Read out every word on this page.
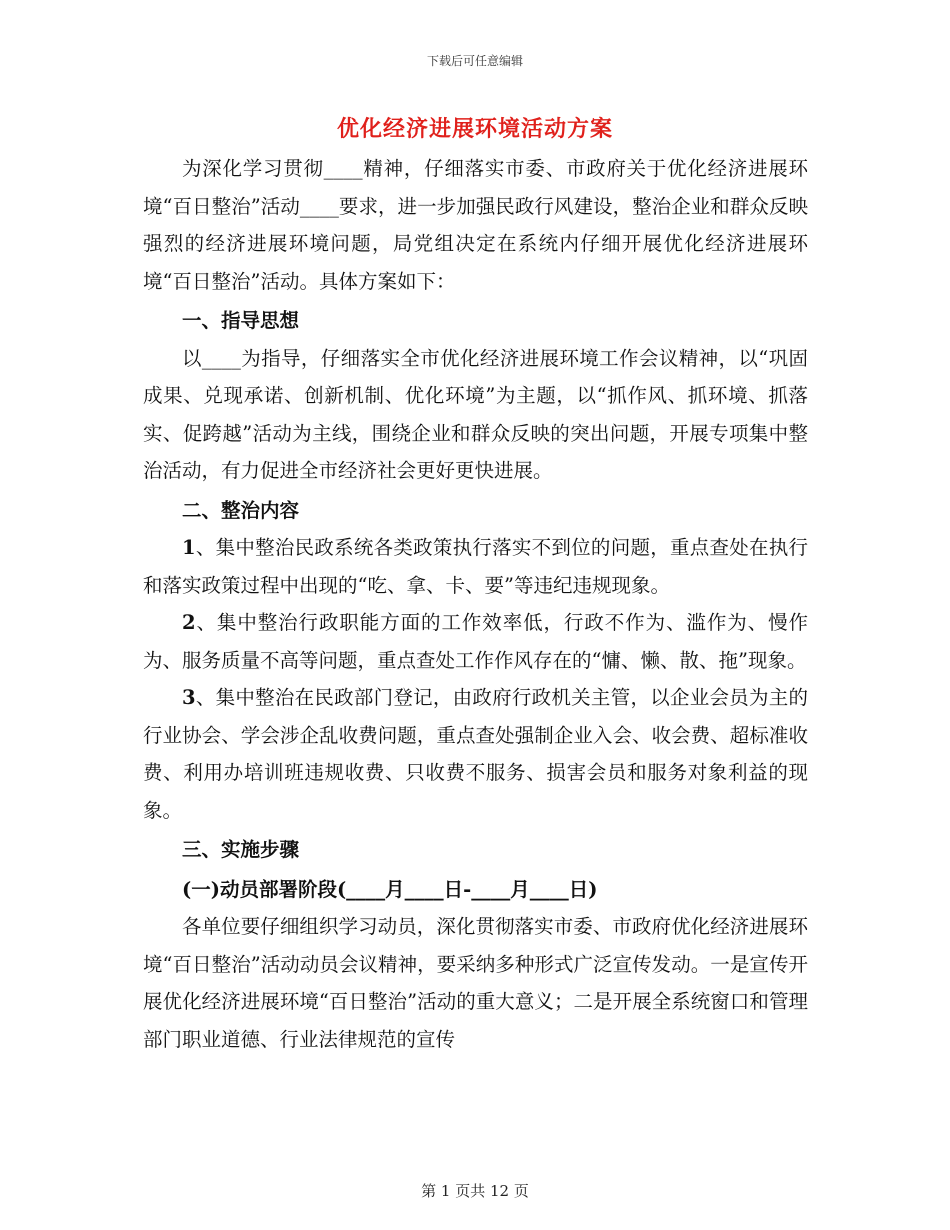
下载后可任意编辑
优化经济进展环境活动方案

为深化学习贯彻____精神，仔细落实市委、市政府关于优化经济进展环境“百日整治”活动____要求，进一步加强民政行风建设，整治企业和群众反映强烈的经济进展环境问题，局党组决定在系统内仔细开展优化经济进展环境“百日整治”活动。具体方案如下：

一、指导思想

以____为指导，仔细落实全市优化经济进展环境工作会议精神，以“巩固成果、兑现承诺、创新机制、优化环境”为主题，以“抓作风、抓环境、抓落实、促跨越”活动为主线，围绕企业和群众反映的突出问题，开展专项集中整治活动，有力促进全市经济社会更好更快进展。

二、整治内容

1、集中整治民政系统各类政策执行落实不到位的问题，重点查处在执行和落实政策过程中出现的“吃、拿、卡、要”等违纪违规现象。

2、集中整治行政职能方面的工作效率低，行政不作为、滥作为、慢作为、服务质量不高等问题，重点查处工作作风存在的“慵、懒、散、拖”现象。

3、集中整治在民政部门登记，由政府行政机关主管，以企业会员为主的行业协会、学会涉企乱收费问题，重点查处强制企业入会、收会费、超标准收费、利用办培训班违规收费、只收费不服务、损害会员和服务对象利益的现象。

三、实施步骤

(一)动员部署阶段(____月____日-____月____日)

各单位要仔细组织学习动员，深化贯彻落实市委、市政府优化经济进展环境“百日整治”活动动员会议精神，要采纳多种形式广泛宣传发动。一是宣传开展优化经济进展环境“百日整治”活动的重大意义；二是开展全系统窗口和管理部门职业道德、行业法律规范的宣传

第 1 页共 12 页
